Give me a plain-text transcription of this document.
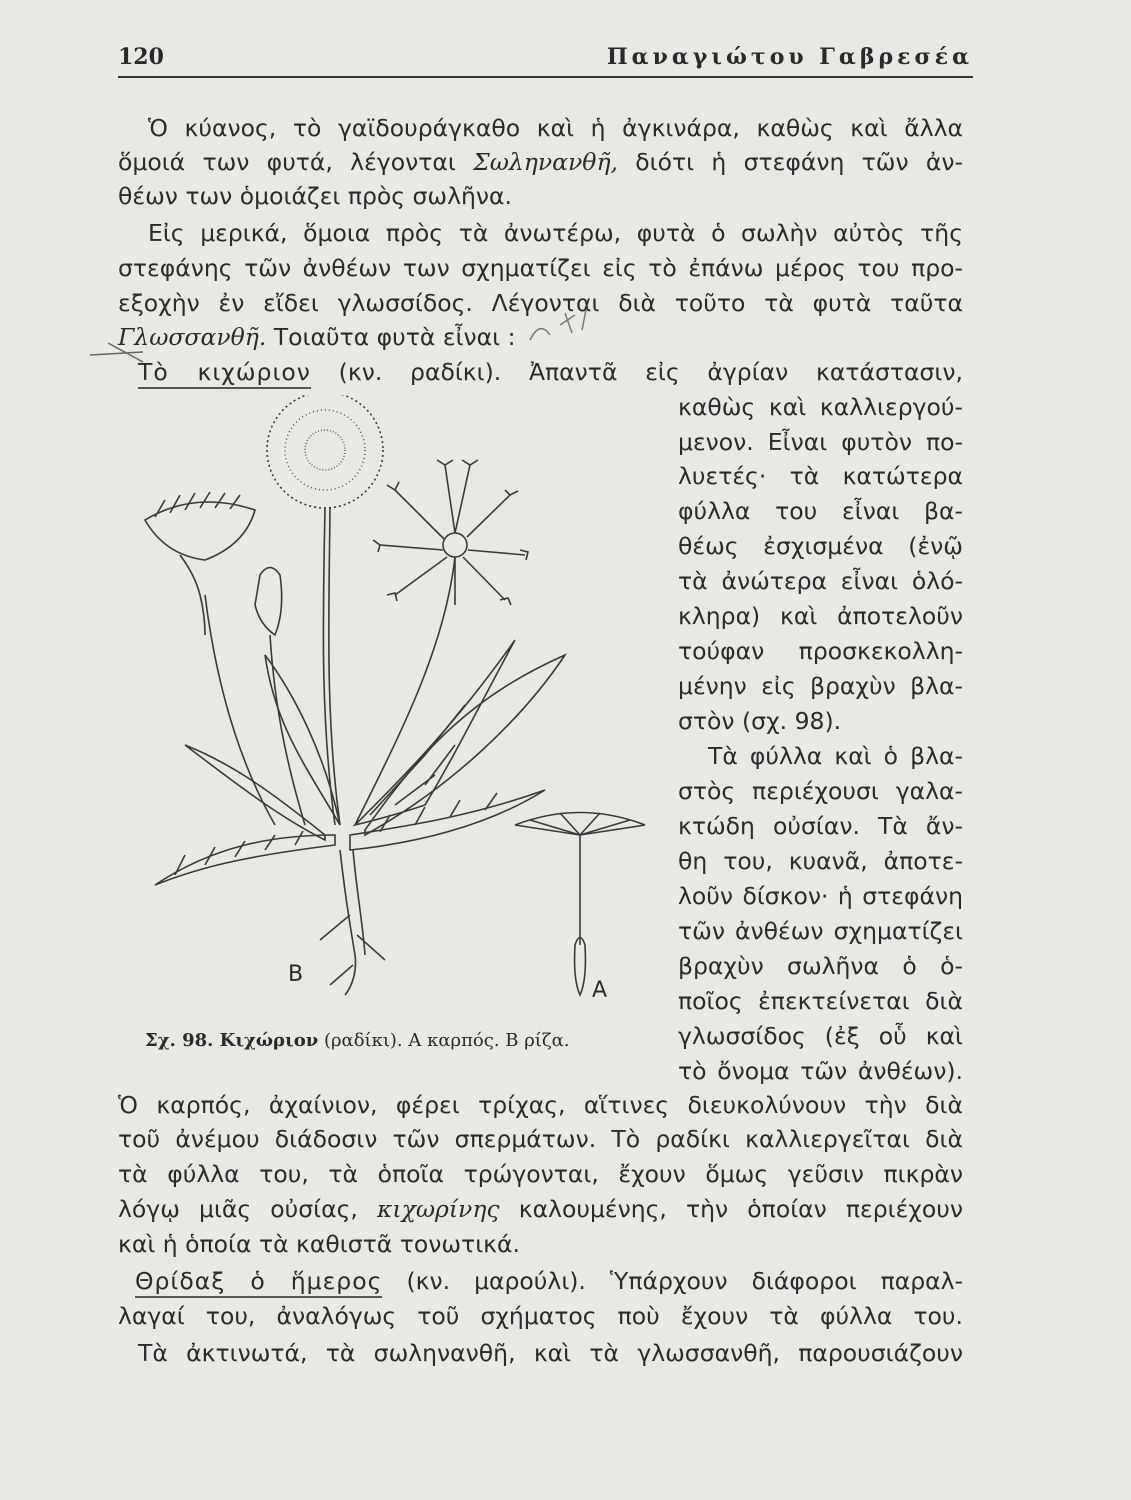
120	Παναγιώτου Γαβρεσέα
Ὁ κύανος, τὸ γαϊδουράγκαθο καὶ ἡ ἀγκινάρα, καθὼς καὶ ἄλλα
ὅμοιά των φυτά, λέγονται Σωληνανθῆ, διότι ἡ στεφάνη τῶν ἀν-
θέων των ὁμοιάζει πρὸς σωλῆνα.
Εἰς μερικά, ὅμοια πρὸς τὰ ἀνωτέρω, φυτὰ ὁ σωλὴν αὐτὸς τῆς
στεφάνης τῶν ἀνθέων των σχηματίζει εἰς τὸ ἐπάνω μέρος του προ-
εξοχὴν ἐν εἴδει γλωσσίδος. Λέγονται διὰ τοῦτο τὰ φυτὰ ταῦτα
Γλωσσανθῆ. Τοιαῦτα φυτὰ εἶναι :
Τὸ κιχώριον (κν. ραδίκι). Ἀπαντᾶ εἰς ἀγρίαν κατάστασιν,
καθὼς καὶ καλλιεργού-
μενον. Εἶναι φυτὸν πο-
λυετές· τὰ κατώτερα
φύλλα του εἶναι βα-
θέως ἐσχισμένα (ἐνῷ
τὰ ἀνώτερα εἶναι ὁλό-
κληρα) καὶ ἀποτελοῦν
τούφαν προσκεκολλη-
μένην εἰς βραχὺν βλα-
στὸν (σχ. 98).
Τὰ φύλλα καὶ ὁ βλα-
στὸς περιέχουσι γαλα-
κτώδη οὐσίαν. Τὰ ἄν-
θη του, κυανᾶ, ἀποτε-
λοῦν δίσκον· ἡ στεφάνη
τῶν ἀνθέων σχηματίζει
βραχὺν σωλῆνα ὁ ὁ-
ποῖος ἐπεκτείνεται διὰ
γλωσσίδος (ἐξ οὗ καὶ
τὸ ὄνομα τῶν ἀνθέων).
Β
Α
Σχ. 98. Κιχώριον (ραδίκι). Α καρπός. Β ρίζα.
Ὁ καρπός, ἀχαίνιον, φέρει τρίχας, αἵτινες διευκολύνουν τὴν διὰ
τοῦ ἀνέμου διάδοσιν τῶν σπερμάτων. Τὸ ραδίκι καλλιεργεῖται διὰ
τὰ φύλλα του, τὰ ὁποῖα τρώγονται, ἔχουν ὅμως γεῦσιν πικρὰν
λόγῳ μιᾶς οὐσίας, κιχωρίνης καλουμένης, τὴν ὁποίαν περιέχουν
καὶ ἡ ὁποία τὰ καθιστᾶ τονωτικά.
Θρίδαξ ὁ ἥμερος (κν. μαρούλι). Ὑπάρχουν διάφοροι παραλ-
λαγαί του, ἀναλόγως τοῦ σχήματος ποὺ ἔχουν τὰ φύλλα του.
Τὰ ἀκτινωτά, τὰ σωληνανθῆ, καὶ τὰ γλωσσανθῆ, παρουσιάζουν
